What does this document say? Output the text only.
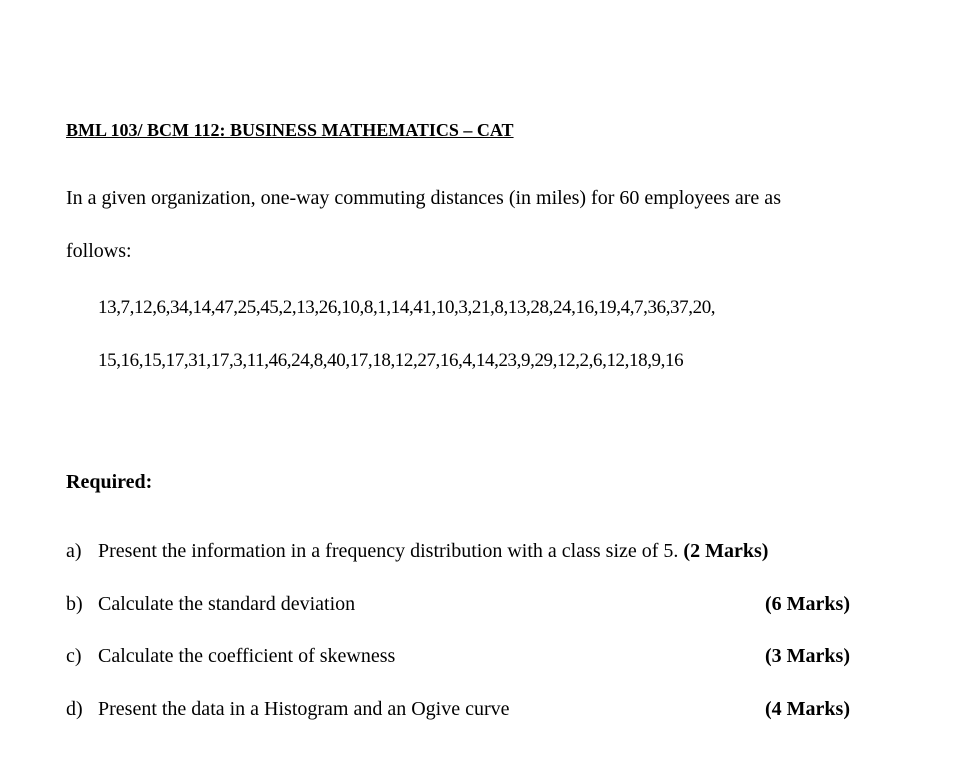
BML 103/ BCM 112: BUSINESS MATHEMATICS – CAT
In a given organization, one-way commuting distances (in miles) for 60 employees are as
follows:
13,7,12,6,34,14,47,25,45,2,13,26,10,8,1,14,41,10,3,21,8,13,28,24,16,19,4,7,36,37,20,
15,16,15,17,31,17,3,11,46,24,8,40,17,18,12,27,16,4,14,23,9,29,12,2,6,12,18,9,16
Required:
a) Present the information in a frequency distribution with a class size of 5. (2 Marks)
b) Calculate the standard deviation	(6 Marks)
c) Calculate the coefficient of skewness	(3 Marks)
d) Present the data in a Histogram and an Ogive curve	(4 Marks)
